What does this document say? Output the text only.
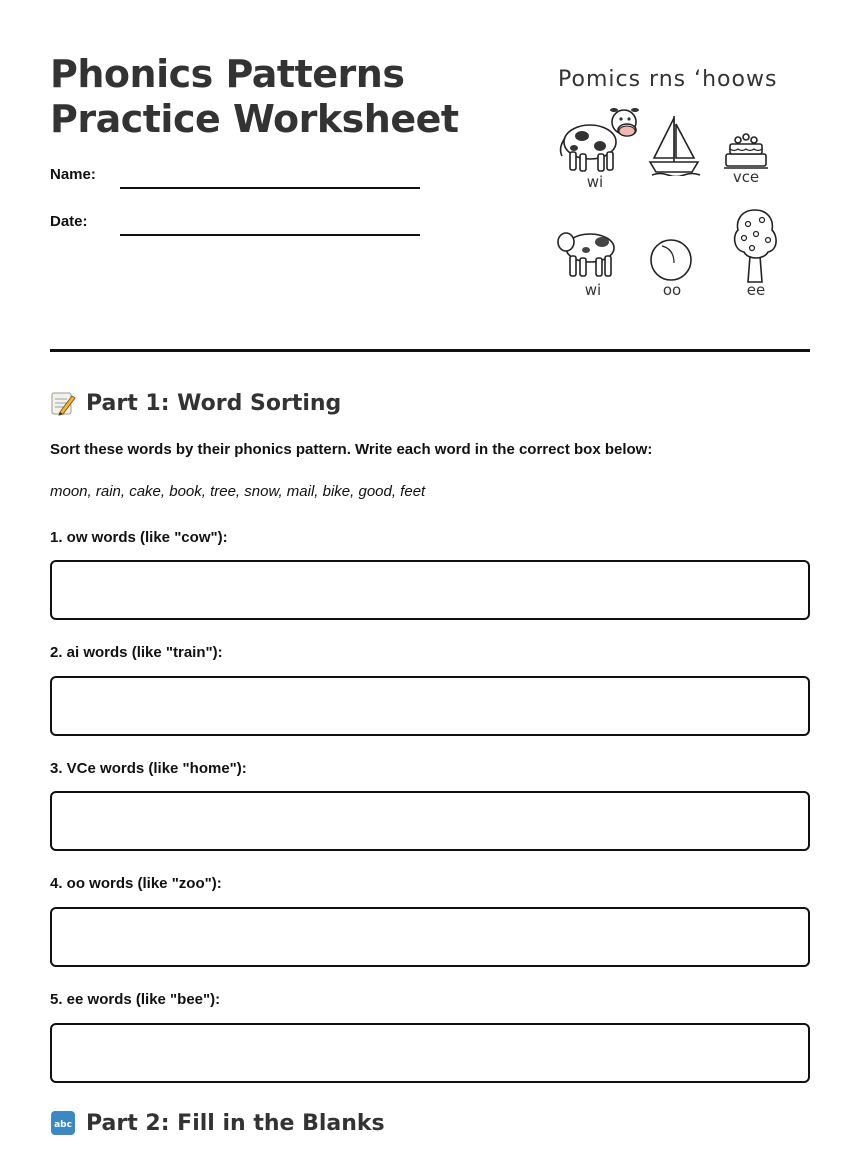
Phonics Patterns
Practice Worksheet
Name:
Date:
Pomics rns ‘hoows
wi	vce
wi	oo	ee
Part 1: Word Sorting
Sort these words by their phonics pattern. Write each word in the correct box below:
moon, rain, cake, book, tree, snow, mail, bike, good, feet
1. ow words (like "cow"):
2. ai words (like "train"):
3. VCe words (like "home"):
4. oo words (like "zoo"):
5. ee words (like "bee"):
abc Part 2: Fill in the Blanks
